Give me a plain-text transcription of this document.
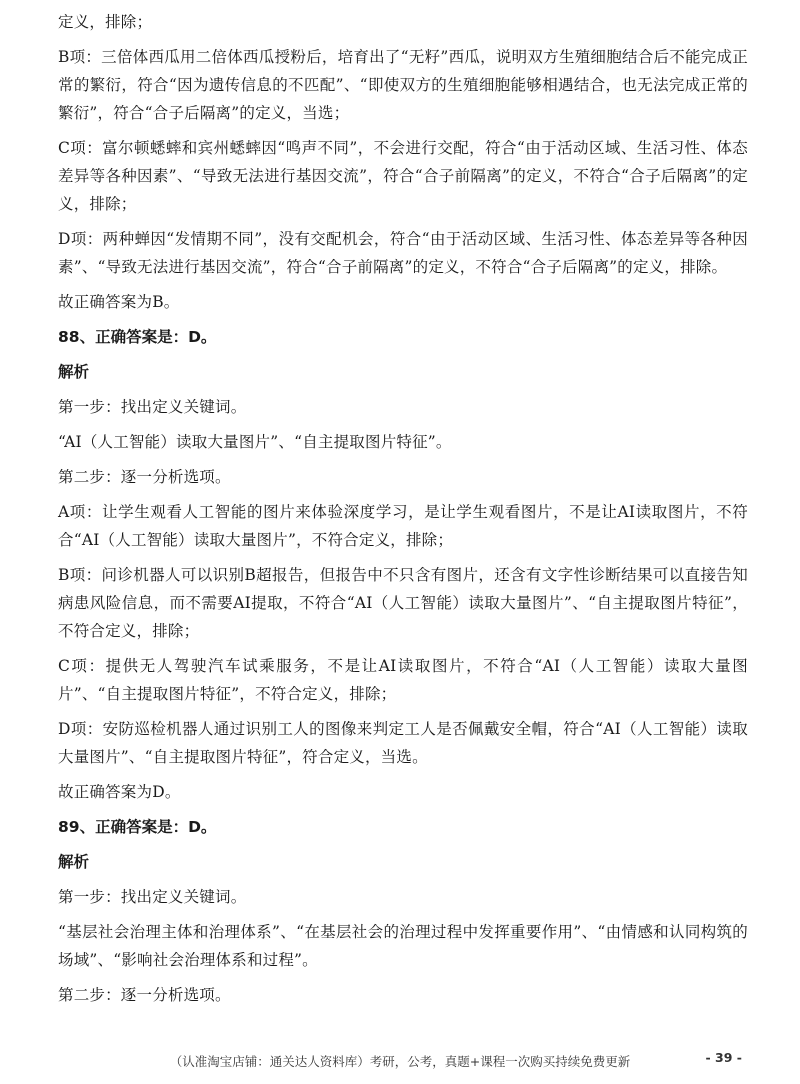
定义，排除；

B项：三倍体西瓜用二倍体西瓜授粉后，培育出了“无籽”西瓜，说明双方生殖细胞结合后不能完成正常的繁衍，符合“因为遗传信息的不匹配”、“即使双方的生殖细胞能够相遇结合，也无法完成正常的繁衍”，符合“合子后隔离”的定义，当选；

C项：富尔顿蟋蟀和宾州蟋蟀因“鸣声不同”，不会进行交配，符合“由于活动区域、生活习性、体态差异等各种因素”、“导致无法进行基因交流”，符合“合子前隔离”的定义，不符合“合子后隔离”的定义，排除；

D项：两种蝉因“发情期不同”，没有交配机会，符合“由于活动区域、生活习性、体态差异等各种因素”、“导致无法进行基因交流”，符合“合子前隔离”的定义，不符合“合子后隔离”的定义，排除。

故正确答案为B。

88、正确答案是：D。

解析

第一步：找出定义关键词。

“AI（人工智能）读取大量图片”、“自主提取图片特征”。

第二步：逐一分析选项。

A项：让学生观看人工智能的图片来体验深度学习，是让学生观看图片，不是让AI读取图片，不符合“AI（人工智能）读取大量图片”，不符合定义，排除；

B项：问诊机器人可以识别B超报告，但报告中不只含有图片，还含有文字性诊断结果可以直接告知病患风险信息，而不需要AI提取，不符合“AI（人工智能）读取大量图片”、“自主提取图片特征”，不符合定义，排除；

C项：提供无人驾驶汽车试乘服务，不是让AI读取图片，不符合“AI（人工智能）读取大量图片”、“自主提取图片特征”，不符合定义，排除；

D项：安防巡检机器人通过识别工人的图像来判定工人是否佩戴安全帽，符合“AI（人工智能）读取大量图片”、“自主提取图片特征”，符合定义，当选。

故正确答案为D。

89、正确答案是：D。

解析

第一步：找出定义关键词。

“基层社会治理主体和治理体系”、“在基层社会的治理过程中发挥重要作用”、“由情感和认同构筑的场域”、“影响社会治理体系和过程”。

第二步：逐一分析选项。

（认准淘宝店铺：通关达人资料库）考研，公考，真题+课程一次购买持续免费更新	- 39 -
